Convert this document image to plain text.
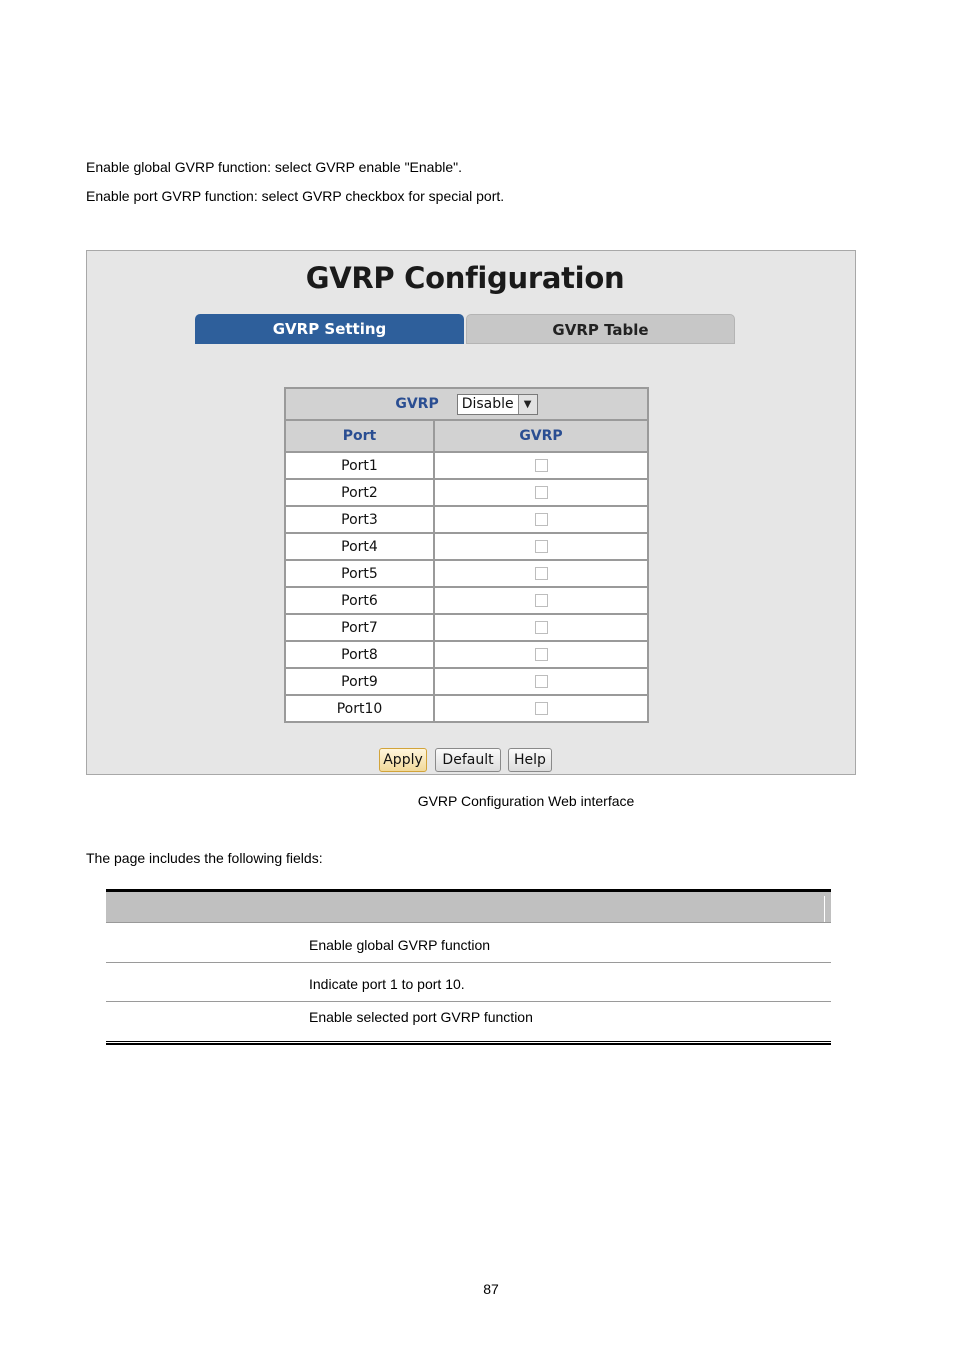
Enable global GVRP function: select GVRP enable "Enable".
Enable port GVRP function: select GVRP checkbox for special port.
GVRP Configuration
GVRP Setting	GVRP Table
GVRP Disable ▼	

Port	GVRP
Port1	
Port2	
Port3	
Port4	
Port5	
Port6	
Port7	
Port8	
Port9	
Port10	
Apply	Default	Help
GVRP Configuration Web interface
The page includes the following fields:
Enable global GVRP function
Indicate port 1 to port 10.
Enable selected port GVRP function
87
